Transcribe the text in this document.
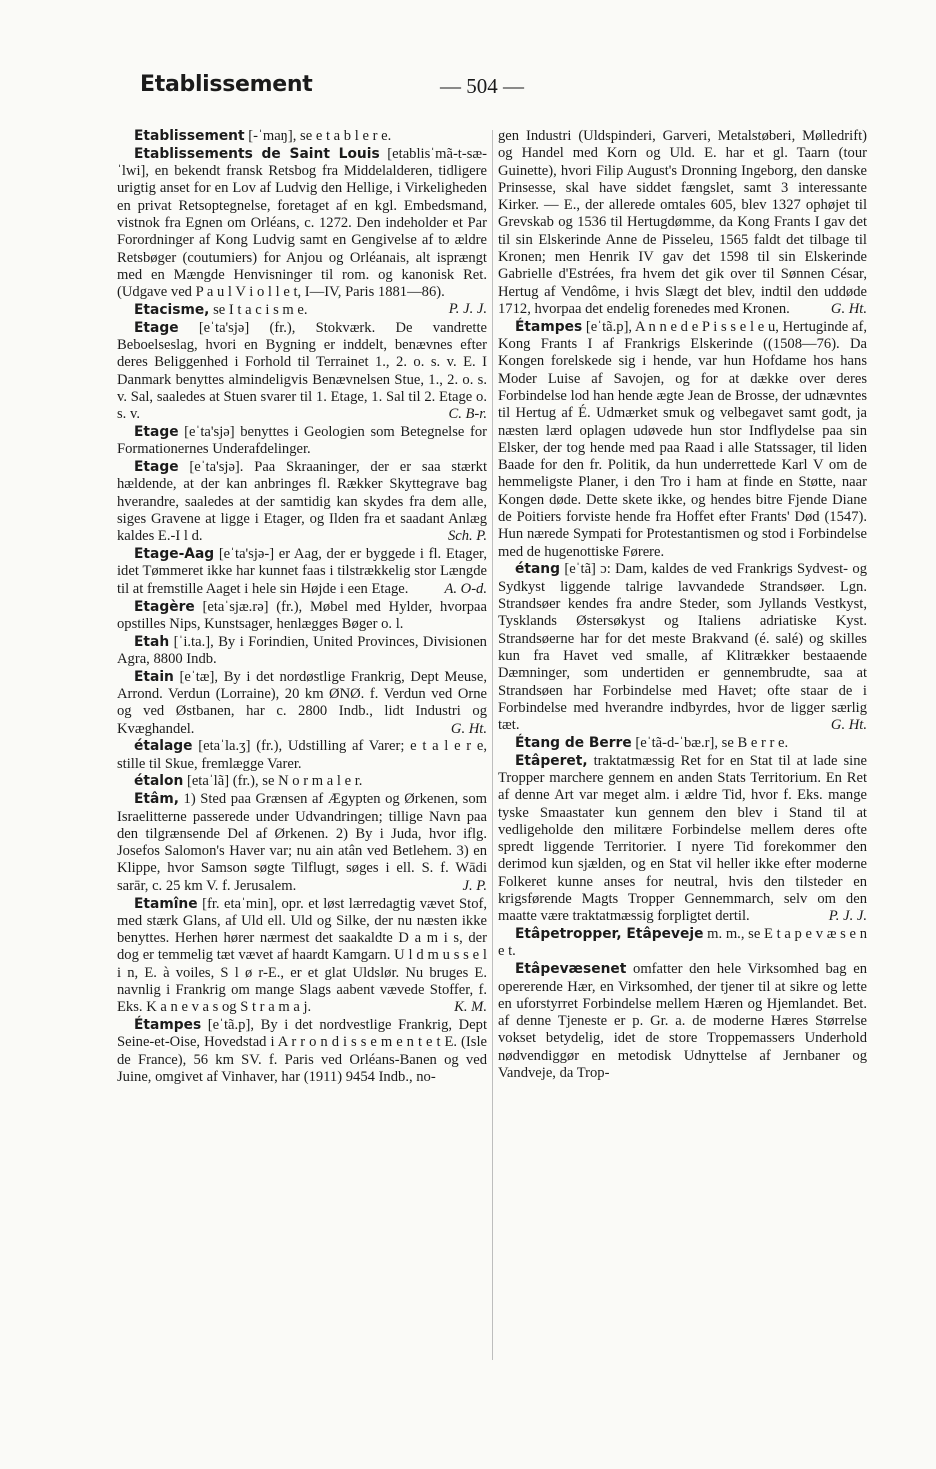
Etablissement	— 504 —

Etablissement [-ˈmaŋ], se e t a b l e r e.

Etablissements de Saint Louis [etablisˈmã-t-sæ-ˈlwi], en bekendt fransk Retsbog fra Middelalderen, tidligere urigtig anset for en Lov af Ludvig den Hellige, i Virkeligheden en privat Retsoptegnelse, foretaget af en kgl. Embedsmand, vistnok fra Egnen om Orléans, c. 1272. Den indeholder et Par Forordninger af Kong Ludvig samt en Gengivelse af to ældre Retsbøger (coutumiers) for Anjou og Orléanais, alt isprængt med en Mængde Henvisninger til rom. og kanonisk Ret. (Udgave ved P a u l V i o l l e t, I—IV, Paris 1881—86).
P. J. J.

Etacisme, se I t a c i s m e.

Etage [eˈta'sjə] (fr.), Stokværk. De vandrette Beboelseslag, hvori en Bygning er inddelt, benævnes efter deres Beliggenhed i Forhold til Terrainet 1., 2. o. s. v. E. I Danmark benyttes almindeligvis Benævnelsen Stue, 1., 2. o. s. v. Sal, saaledes at Stuen svarer til 1. Etage, 1. Sal til 2. Etage o. s. v.	C. B-r.

Etage [eˈta'sjə] benyttes i Geologien som Betegnelse for Formationernes Underafdelinger.

Etage [eˈta'sjə]. Paa Skraaninger, der er saa stærkt hældende, at der kan anbringes fl. Rækker Skyttegrave bag hverandre, saaledes at der samtidig kan skydes fra dem alle, siges Gravene at ligge i Etager, og Ilden fra et saadant Anlæg kaldes E.-I l d.	Sch. P.

Etage-Aag [eˈta'sjə-] er Aag, der er byggede i fl. Etager, idet Tømmeret ikke har kunnet faas i tilstrækkelig stor Længde til at fremstille Aaget i hele sin Højde i een Etage.	A. O-d.

Etagère [etaˈsjæ.rə] (fr.), Møbel med Hylder, hvorpaa opstilles Nips, Kunstsager, henlægges Bøger o. l.

Etah [ˈi.ta.], By i Forindien, United Provinces, Divisionen Agra, 8800 Indb.

Etain [eˈtæ], By i det nordøstlige Frankrig, Dept Meuse, Arrond. Verdun (Lorraine), 20 km ØNØ. f. Verdun ved Orne og ved Østbanen, har c. 2800 Indb., lidt Industri og Kvæghandel.	G. Ht.

étalage [etaˈla.ʒ] (fr.), Udstilling af Varer; e t a l e r e, stille til Skue, fremlægge Varer.

étalon [etaˈlã] (fr.), se N o r m a l e r.

Etâm, 1) Sted paa Grænsen af Ægypten og Ørkenen, som Israelitterne passerede under Udvandringen; tillige Navn paa den tilgrænsende Del af Ørkenen. 2) By i Juda, hvor iflg. Josefos Salomon's Haver var; nu ain atân ved Betlehem. 3) en Klippe, hvor Samson søgte Tilflugt, søges i ell. S. f. Wādi sarār, c. 25 km V. f. Jerusalem.	J. P.

Etamîne [fr. etaˈmin], opr. et løst lærredagtig vævet Stof, med stærk Glans, af Uld ell. Uld og Silke, der nu næsten ikke benyttes. Herhen hører nærmest det saakaldte D a m i s, der dog er temmelig tæt vævet af haardt Kamgarn. U l d m u s s e l i n, E. à voiles, S l ø r-E., er et glat Uldslør. Nu bruges E. navnlig i Frankrig om mange Slags aabent vævede Stoffer, f. Eks. K a n e v a s og S t r a m a j.	K. M.

Étampes [eˈtã.p], By i det nordvestlige Frankrig, Dept Seine-et-Oise, Hovedstad i A r r o n d i s s e m e n t e t E. (Isle de France), 56 km SV. f. Paris ved Orléans-Banen og ved Juine, omgivet af Vinhaver, har (1911) 9454 Indb., no-

gen Industri (Uldspinderi, Garveri, Metalstøberi, Mølledrift) og Handel med Korn og Uld. E. har et gl. Taarn (tour Guinette), hvori Filip August's Dronning Ingeborg, den danske Prinsesse, skal have siddet fængslet, samt 3 interessante Kirker. — E., der allerede omtales 605, blev 1327 ophøjet til Grevskab og 1536 til Hertugdømme, da Kong Frants I gav det til sin Elskerinde Anne de Pisseleu, 1565 faldt det tilbage til Kronen; men Henrik IV gav det 1598 til sin Elskerinde Gabrielle d'Estrées, fra hvem det gik over til Sønnen César, Hertug af Vendôme, i hvis Slægt det blev, indtil den uddøde 1712, hvorpaa det endelig forenedes med Kronen.	G. Ht.

Étampes [eˈtã.p], A n n e d e P i s s e l e u, Hertuginde af, Kong Frants I af Frankrigs Elskerinde ((1508—76). Da Kongen forelskede sig i hende, var hun Hofdame hos hans Moder Luise af Savojen, og for at dække over deres Forbindelse lod han hende ægte Jean de Brosse, der udnævntes til Hertug af É. Udmærket smuk og velbegavet samt godt, ja næsten lærd oplagen udøvede hun stor Indflydelse paa sin Elsker, der tog hende med paa Raad i alle Statssager, til liden Baade for den fr. Politik, da hun underrettede Karl V om de hemmeligste Planer, i den Tro i ham at finde en Støtte, naar Kongen døde. Dette skete ikke, og hendes bitre Fjende Diane de Poitiers forviste hende fra Hoffet efter Frants' Død (1547). Hun nærede Sympati for Protestantismen og stod i Forbindelse med de hugenottiske Førere.

étang [eˈtã] ɔ: Dam, kaldes de ved Frankrigs Sydvest- og Sydkyst liggende talrige lavvandede Strandsøer. Lgn. Strandsøer kendes fra andre Steder, som Jyllands Vestkyst, Tysklands Østersøkyst og Italiens adriatiske Kyst. Strandsøerne har for det meste Brakvand (é. salé) og skilles kun fra Havet ved smalle, af Klitrækker bestaaende Dæmninger, som undertiden er gennembrudte, saa at Strandsøen har Forbindelse med Havet; ofte staar de i Forbindelse med hverandre indbyrdes, hvor de ligger særlig tæt.	G. Ht.

Étang de Berre [eˈtã-d-ˈbæ.r], se B e r r e.

Etâperet, traktatmæssig Ret for en Stat til at lade sine Tropper marchere gennem en anden Stats Territorium. En Ret af denne Art var meget alm. i ældre Tid, hvor f. Eks. mange tyske Smaastater kun gennem den blev i Stand til at vedligeholde den militære Forbindelse mellem deres ofte spredt liggende Territorier. I nyere Tid forekommer den derimod kun sjælden, og en Stat vil heller ikke efter moderne Folkeret kunne anses for neutral, hvis den tilsteder en krigsførende Magts Tropper Gennemmarch, selv om den maatte være traktatmæssig forpligtet dertil.	P. J. J.

Etâpetropper, Etâpeveje m. m., se E t a p e v æ s e n e t.

Etâpevæsenet omfatter den hele Virksomhed bag en opererende Hær, en Virksomhed, der tjener til at sikre og lette en uforstyrret Forbindelse mellem Hæren og Hjemlandet. Bet. af denne Tjeneste er p. Gr. a. de moderne Hæres Størrelse vokset betydelig, idet de store Troppemassers Underhold nødvendiggør en metodisk Udnyttelse af Jernbaner og Vandveje, da Trop-
